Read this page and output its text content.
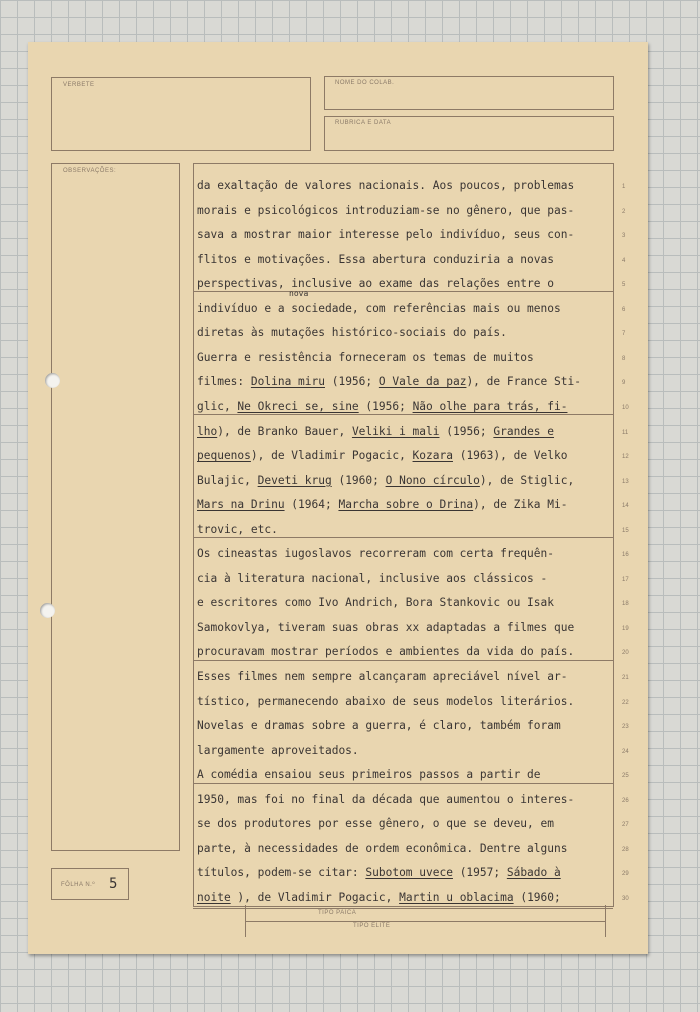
VERBETE	NOME DO COLAB.
RUBRICA E DATA
OBSERVAÇÕES:
FÔLHA N.º 5
TIPO PAICA
TIPO ELITE
da exaltação de valores nacionais. Aos poucos, problemas	1
morais e psicológicos introduziam-se no gênero, que pas-	2
sava a mostrar maior interesse pelo indivíduo, seus con-	3
flitos e motivações. Essa abertura conduziria a novas	4
perspectivas, inclusive ao exame das relações entre o	5
indivíduo e a sociedade, com referências mais ou menos	6
diretas às mutações histórico-sociais do país.	7
Guerra e resistência forneceram os temas de muitos	8
filmes: Dolina miru (1956; O Vale da paz), de France Sti-	9
glic, Ne Okreci se, sine (1956; Não olhe para trás, fi-	10
lho), de Branko Bauer, Veliki i mali (1956; Grandes e	11
pequenos), de Vladimir Pogacic, Kozara (1963), de Velko	12
Bulajic, Deveti krug (1960; O Nono círculo), de Stiglic,	13
Mars na Drinu (1964; Marcha sobre o Drina), de Zika Mi-	14
trovic, etc.	15
Os cineastas iugoslavos recorreram com certa frequên-	16
cia à literatura nacional, inclusive aos clássicos -	17
e escritores como Ivo Andrich, Bora Stankovic ou Isak	18
Samokovlya, tiveram suas obras xx adaptadas a filmes que	19
procuravam mostrar períodos e ambientes da vida do país.	20
Esses filmes nem sempre alcançaram apreciável nível ar-	21
tístico, permanecendo abaixo de seus modelos literários.	22
Novelas e dramas sobre a guerra, é claro, também foram	23
largamente aproveitados.	24
A comédia ensaiou seus primeiros passos a partir de	25
1950, mas foi no final da década que aumentou o interes-	26
se dos produtores por esse gênero, o que se deveu, em	27
parte, à necessidades de ordem econômica. Dentre alguns	28
títulos, podem-se citar: Subotom uvece (1957; Sábado à	29
noite ), de Vladimir Pogacic, Martin u oblacima (1960;	30
nova
